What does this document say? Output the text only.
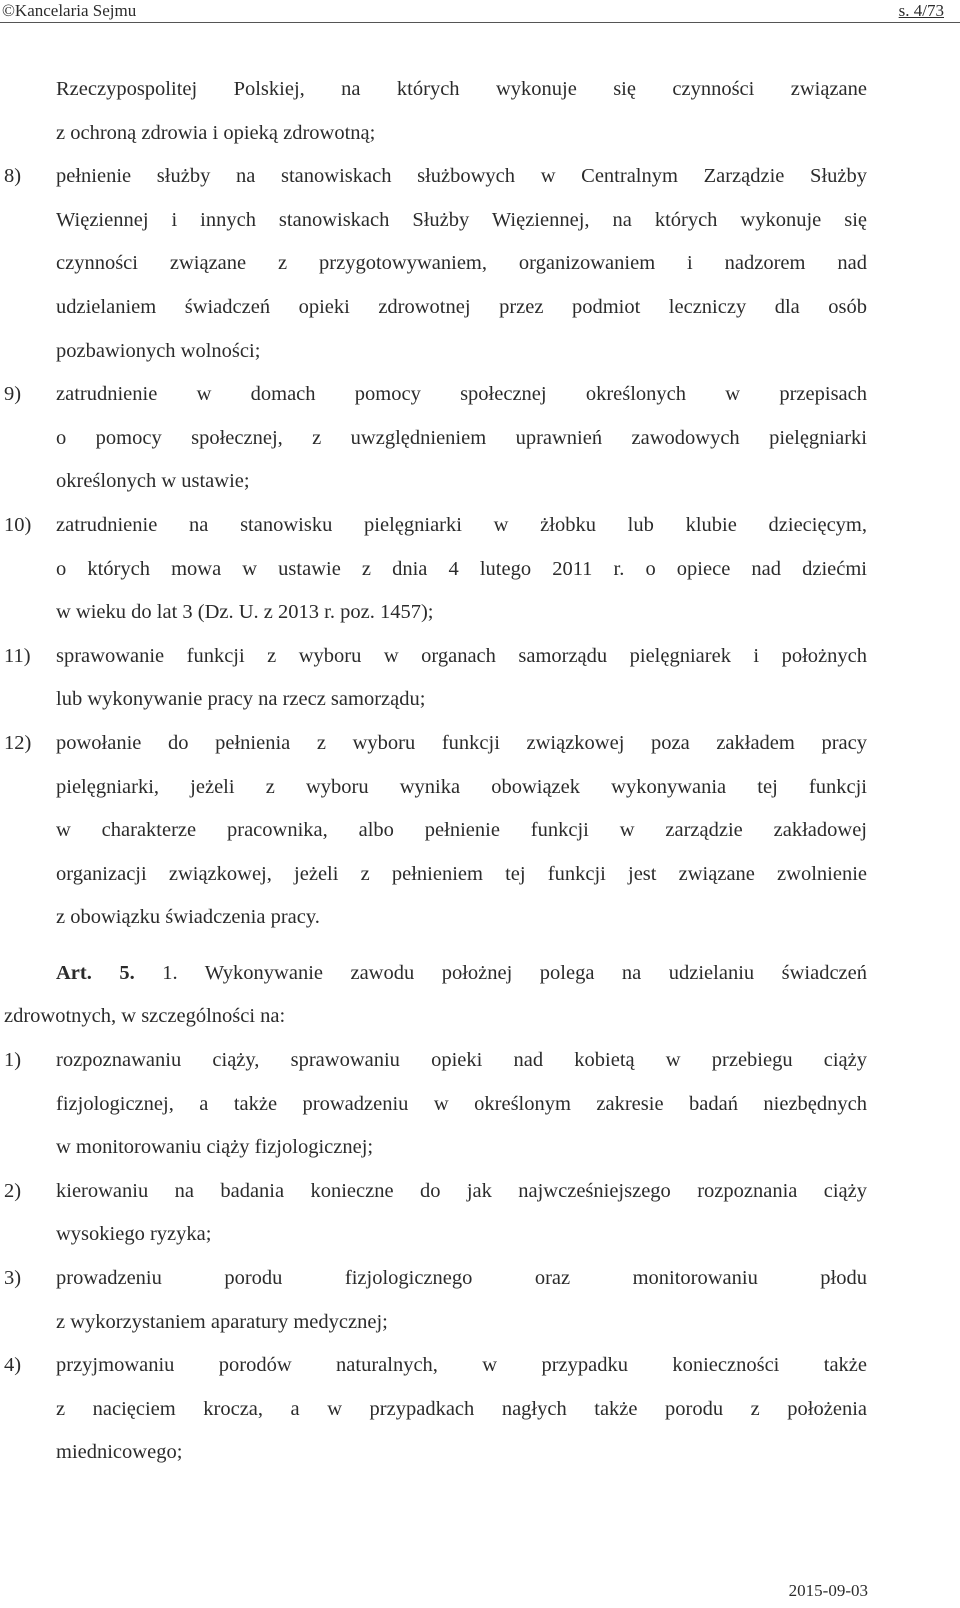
©Kancelaria Sejmu	s. 4/73
Rzeczypospolitej Polskiej, na których wykonuje się czynności związane
z ochroną zdrowia i opieką zdrowotną;
8) pełnienie służby na stanowiskach służbowych w Centralnym Zarządzie Służby
Więziennej i innych stanowiskach Służby Więziennej, na których wykonuje się
czynności związane z przygotowywaniem, organizowaniem i nadzorem nad
udzielaniem świadczeń opieki zdrowotnej przez podmiot leczniczy dla osób
pozbawionych wolności;
9) zatrudnienie w domach pomocy społecznej określonych w przepisach
o pomocy społecznej, z uwzględnieniem uprawnień zawodowych pielęgniarki
określonych w ustawie;
10) zatrudnienie na stanowisku pielęgniarki w żłobku lub klubie dziecięcym,
o których mowa w ustawie z dnia 4 lutego 2011 r. o opiece nad dziećmi
w wieku do lat 3 (Dz. U. z 2013 r. poz. 1457);
11) sprawowanie funkcji z wyboru w organach samorządu pielęgniarek i położnych
lub wykonywanie pracy na rzecz samorządu;
12) powołanie do pełnienia z wyboru funkcji związkowej poza zakładem pracy
pielęgniarki, jeżeli z wyboru wynika obowiązek wykonywania tej funkcji
w charakterze pracownika, albo pełnienie funkcji w zarządzie zakładowej
organizacji związkowej, jeżeli z pełnieniem tej funkcji jest związane zwolnienie
z obowiązku świadczenia pracy.
Art. 5. 1. Wykonywanie zawodu położnej polega na udzielaniu świadczeń
zdrowotnych, w szczególności na:
1) rozpoznawaniu ciąży, sprawowaniu opieki nad kobietą w przebiegu ciąży
fizjologicznej, a także prowadzeniu w określonym zakresie badań niezbędnych
w monitorowaniu ciąży fizjologicznej;
2) kierowaniu na badania konieczne do jak najwcześniejszego rozpoznania ciąży
wysokiego ryzyka;
3) prowadzeniu porodu fizjologicznego oraz monitorowaniu płodu
z wykorzystaniem aparatury medycznej;
4) przyjmowaniu porodów naturalnych, w przypadku konieczności także
z nacięciem krocza, a w przypadkach nagłych także porodu z położenia
miednicowego;
2015-09-03
